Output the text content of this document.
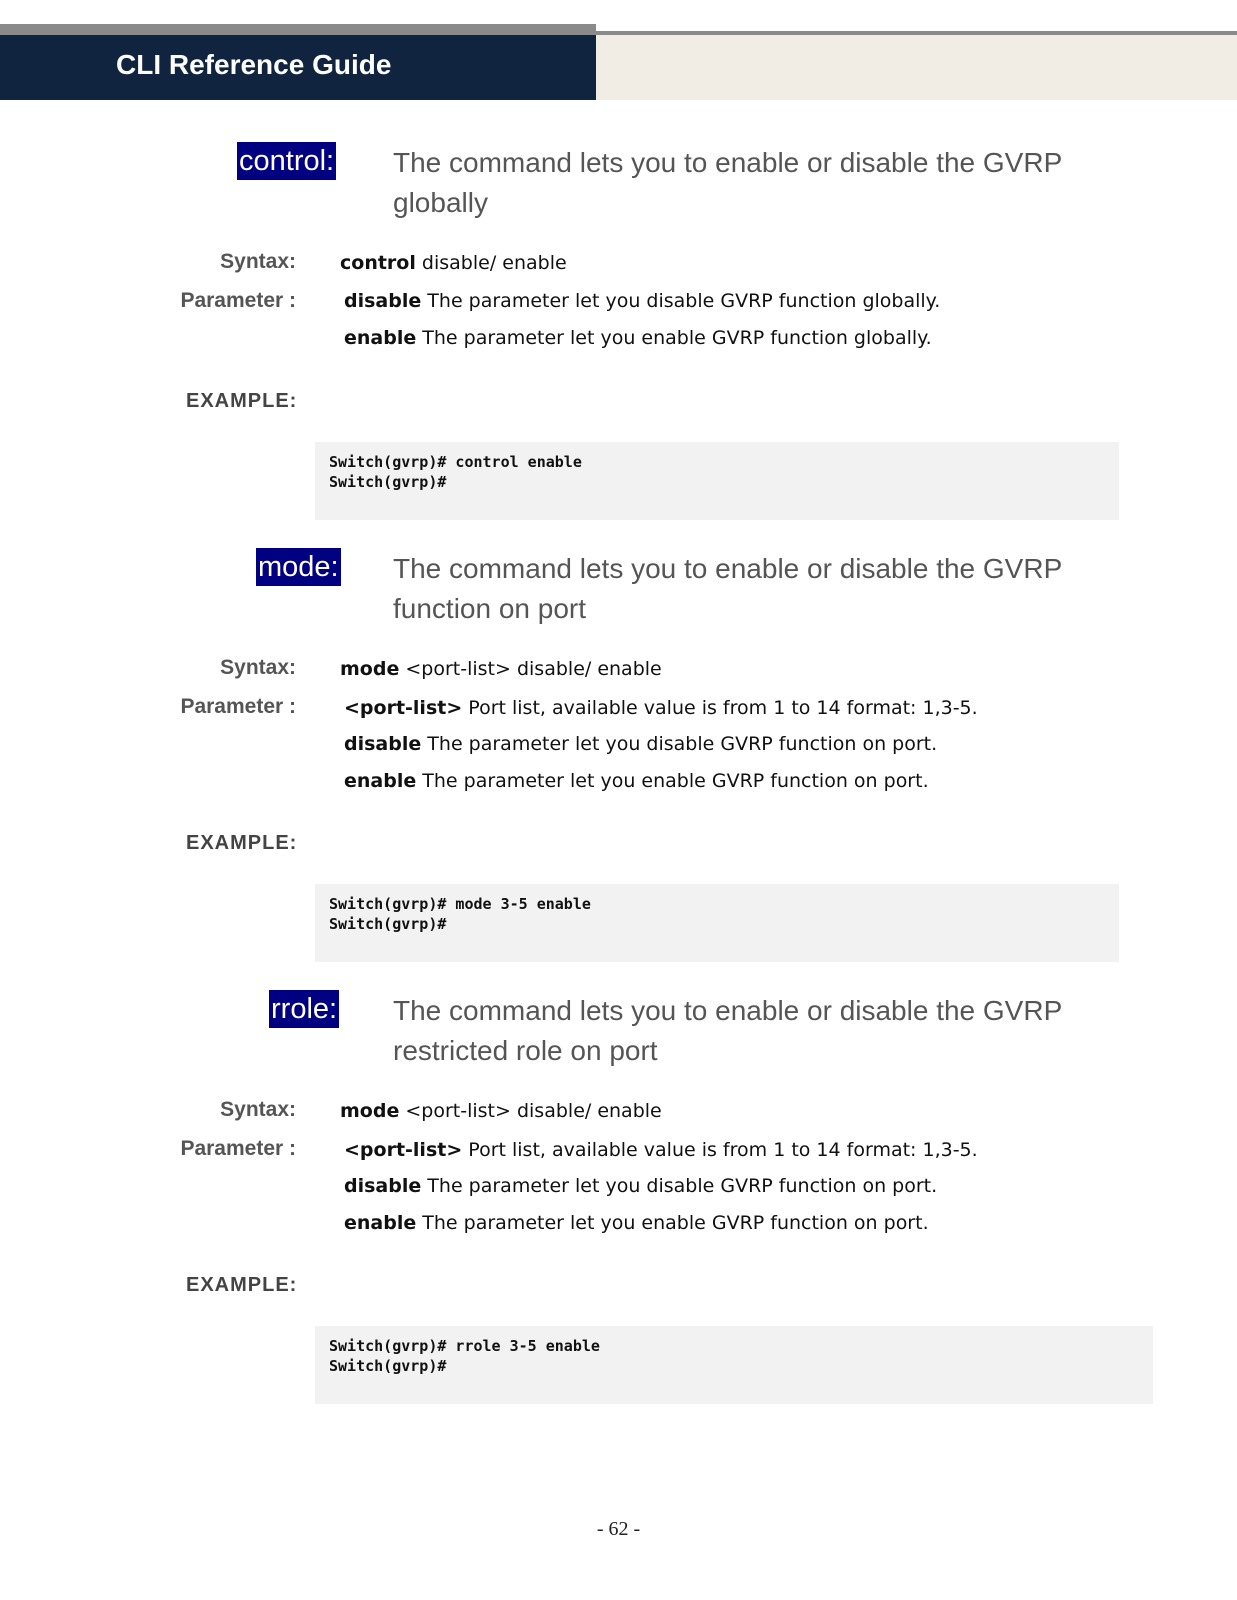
CLI Reference Guide
control: The command lets you to enable or disable the GVRP
globally
Syntax: control disable/ enable
Parameter :	disable The parameter let you disable GVRP function globally.
enable The parameter let you enable GVRP function globally.
EXAMPLE:
Switch(gvrp)# control enable
Switch(gvrp)#
mode: The command lets you to enable or disable the GVRP
function on port
Syntax: mode <port-list> disable/ enable
Parameter :	<port-list> Port list, available value is from 1 to 14 format: 1,3-5.
disable The parameter let you disable GVRP function on port.
enable The parameter let you enable GVRP function on port.
EXAMPLE:
Switch(gvrp)# mode 3-5 enable
Switch(gvrp)#
rrole: The command lets you to enable or disable the GVRP
restricted role on port
Syntax: mode <port-list> disable/ enable
Parameter :	<port-list> Port list, available value is from 1 to 14 format: 1,3-5.
disable The parameter let you disable GVRP function on port.
enable The parameter let you enable GVRP function on port.
EXAMPLE:
Switch(gvrp)# rrole 3-5 enable
Switch(gvrp)#
- 62 -
